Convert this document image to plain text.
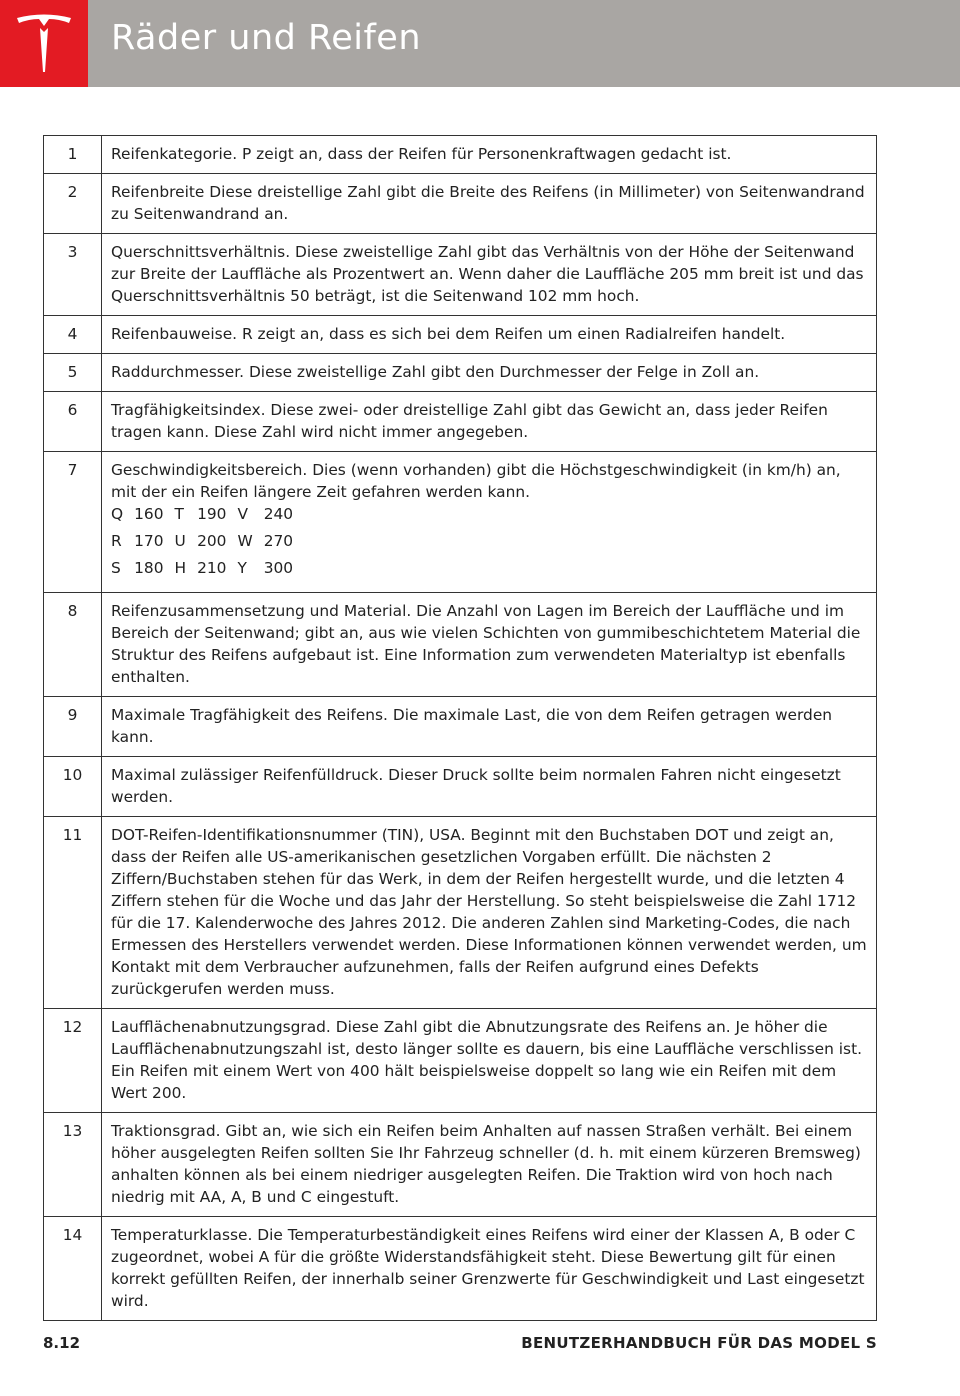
Räder und Reifen
1	Reifenkategorie. P zeigt an, dass der Reifen für Personenkraftwagen gedacht ist.

2	Reifenbreite Diese dreistellige Zahl gibt die Breite des Reifens (in Millimeter) von Seitenwandrand zu Seitenwandrand an.

3	Querschnittsverhältnis. Diese zweistellige Zahl gibt das Verhältnis von der Höhe der Seitenwand zur Breite der Lauffläche als Prozentwert an. Wenn daher die Lauffläche 205 mm breit ist und das Querschnittsverhältnis 50 beträgt, ist die Seitenwand 102 mm hoch.

4	Reifenbauweise. R zeigt an, dass es sich bei dem Reifen um einen Radialreifen handelt.

5	Raddurchmesser. Diese zweistellige Zahl gibt den Durchmesser der Felge in Zoll an.

6	Tragfähigkeitsindex. Diese zwei- oder dreistellige Zahl gibt das Gewicht an, dass jeder Reifen tragen kann. Diese Zahl wird nicht immer angegeben.

7	Geschwindigkeitsbereich. Dies (wenn vorhanden) gibt die Höchstgeschwindigkeit (in km/h) an, mit der ein Reifen längere Zeit gefahren werden kann.
Q	160	T	190	V	240
R	170	U	200	W	270
S	180	H	210	Y	300

8	Reifenzusammensetzung und Material. Die Anzahl von Lagen im Bereich der Lauffläche und im Bereich der Seitenwand; gibt an, aus wie vielen Schichten von gummibeschichtetem Material die Struktur des Reifens aufgebaut ist. Eine Information zum verwendeten Materialtyp ist ebenfalls enthalten.

9	Maximale Tragfähigkeit des Reifens. Die maximale Last, die von dem Reifen getragen werden kann.

10	Maximal zulässiger Reifenfülldruck. Dieser Druck sollte beim normalen Fahren nicht eingesetzt werden.

11	DOT-Reifen-Identifikationsnummer (TIN), USA. Beginnt mit den Buchstaben DOT und zeigt an, dass der Reifen alle US-amerikanischen gesetzlichen Vorgaben erfüllt. Die nächsten 2 Ziffern/Buchstaben stehen für das Werk, in dem der Reifen hergestellt wurde, und die letzten 4 Ziffern stehen für die Woche und das Jahr der Herstellung. So steht beispielsweise die Zahl 1712 für die 17. Kalenderwoche des Jahres 2012. Die anderen Zahlen sind Marketing-Codes, die nach Ermessen des Herstellers verwendet werden. Diese Informationen können verwendet werden, um Kontakt mit dem Verbraucher aufzunehmen, falls der Reifen aufgrund eines Defekts zurückgerufen werden muss.

12	Laufflächenabnutzungsgrad. Diese Zahl gibt die Abnutzungsrate des Reifens an. Je höher die Laufflächenabnutzungszahl ist, desto länger sollte es dauern, bis eine Lauffläche verschlissen ist. Ein Reifen mit einem Wert von 400 hält beispielsweise doppelt so lang wie ein Reifen mit dem Wert 200.

13	Traktionsgrad. Gibt an, wie sich ein Reifen beim Anhalten auf nassen Straßen verhält. Bei einem höher ausgelegten Reifen sollten Sie Ihr Fahrzeug schneller (d. h. mit einem kürzeren Bremsweg) anhalten können als bei einem niedriger ausgelegten Reifen. Die Traktion wird von hoch nach niedrig mit AA, A, B und C eingestuft.

14	Temperaturklasse. Die Temperaturbeständigkeit eines Reifens wird einer der Klassen A, B oder C zugeordnet, wobei A für die größte Widerstandsfähigkeit steht. Diese Bewertung gilt für einen korrekt gefüllten Reifen, der innerhalb seiner Grenzwerte für Geschwindigkeit und Last eingesetzt wird.
8.12	BENUTZERHANDBUCH FÜR DAS MODEL S
